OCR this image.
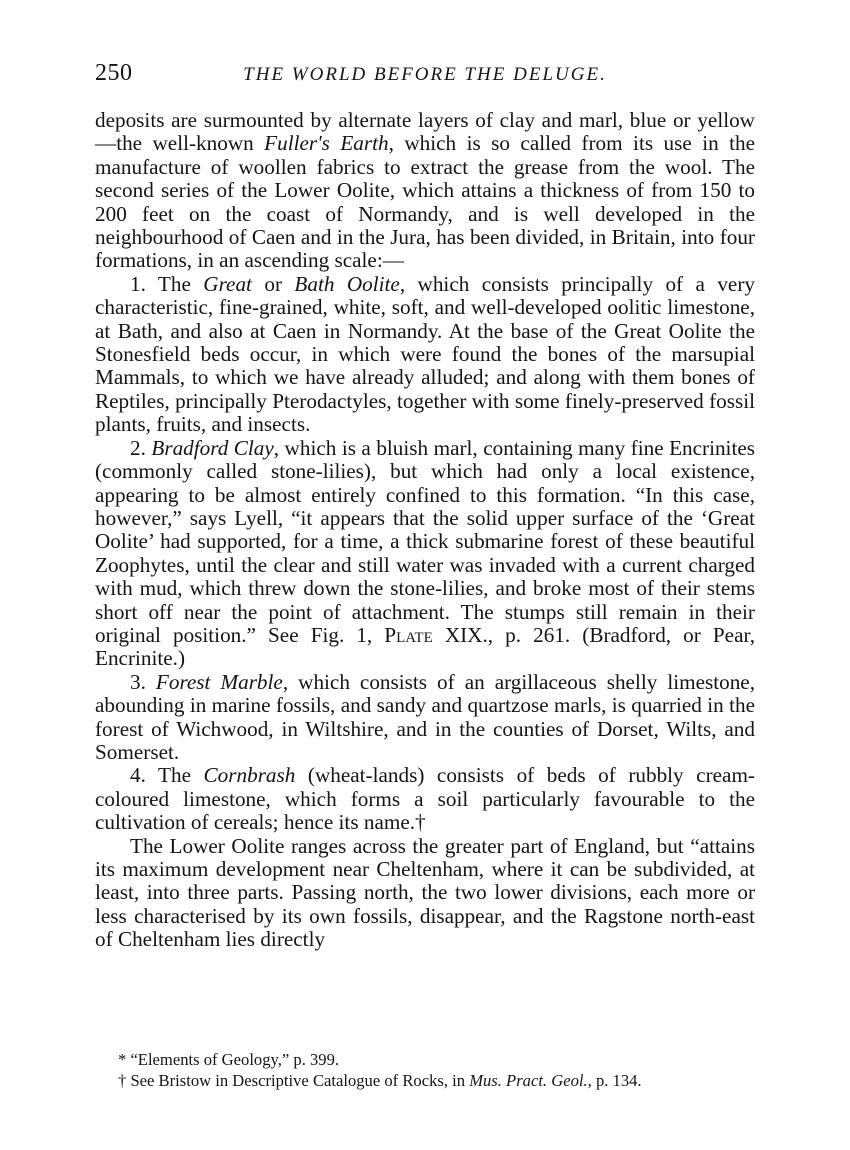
250	THE WORLD BEFORE THE DELUGE.

deposits are surmounted by alternate layers of clay and marl, blue or yellow—the well-known Fuller's Earth, which is so called from its use in the manufacture of woollen fabrics to extract the grease from the wool. The second series of the Lower Oolite, which attains a thickness of from 150 to 200 feet on the coast of Normandy, and is well developed in the neighbourhood of Caen and in the Jura, has been divided, in Britain, into four formations, in an ascending scale:—

1. The Great or Bath Oolite, which consists principally of a very characteristic, fine-grained, white, soft, and well-developed oolitic limestone, at Bath, and also at Caen in Normandy. At the base of the Great Oolite the Stonesfield beds occur, in which were found the bones of the marsupial Mammals, to which we have already alluded; and along with them bones of Reptiles, principally Pterodactyles, together with some finely-preserved fossil plants, fruits, and insects.

2. Bradford Clay, which is a bluish marl, containing many fine Encrinites (commonly called stone-lilies), but which had only a local existence, appearing to be almost entirely confined to this formation. “In this case, however,” says Lyell, “it appears that the solid upper surface of the ‘Great Oolite’ had supported, for a time, a thick submarine forest of these beautiful Zoophytes, until the clear and still water was invaded with a current charged with mud, which threw down the stone-lilies, and broke most of their stems short off near the point of attachment. The stumps still remain in their original position.” See Fig. 1, Plate XIX., p. 261. (Bradford, or Pear, Encrinite.)

3. Forest Marble, which consists of an argillaceous shelly limestone, abounding in marine fossils, and sandy and quartzose marls, is quarried in the forest of Wichwood, in Wiltshire, and in the counties of Dorset, Wilts, and Somerset.

4. The Cornbrash (wheat-lands) consists of beds of rubbly cream-coloured limestone, which forms a soil particularly favourable to the cultivation of cereals; hence its name.†

The Lower Oolite ranges across the greater part of England, but “attains its maximum development near Cheltenham, where it can be subdivided, at least, into three parts. Passing north, the two lower divisions, each more or less characterised by its own fossils, disappear, and the Ragstone north-east of Cheltenham lies directly

* “Elements of Geology,” p. 399.

† See Bristow in Descriptive Catalogue of Rocks, in Mus. Pract. Geol., p. 134.
